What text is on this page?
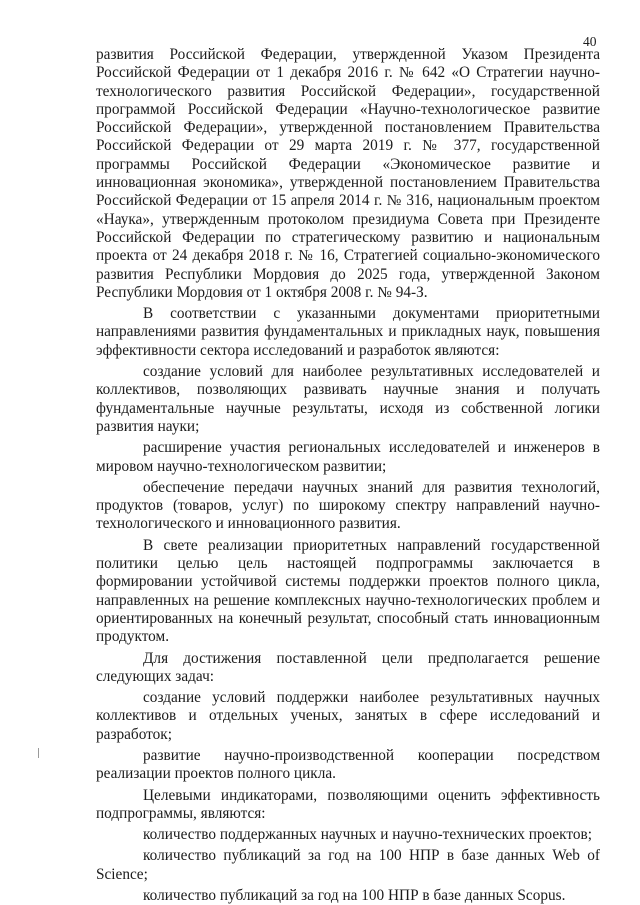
40

развития Российской Федерации, утвержденной Указом Президента Российской Федерации от 1 декабря 2016 г. № 642 «О Стратегии научно-технологического развития Российской Федерации», государственной программой Российской Федерации «Научно-технологическое развитие Российской Федерации», утвержденной постановлением Правительства Российской Федерации от 29 марта 2019 г. № 377, государственной программы Российской Федерации «Экономическое развитие и инновационная экономика», утвержденной постановлением Правительства Российской Федерации от 15 апреля 2014 г. № 316, национальным проектом «Наука», утвержденным протоколом президиума Совета при Президенте Российской Федерации по стратегическому развитию и национальным проекта от 24 декабря 2018 г. № 16, Стратегией социально-экономического развития Республики Мордовия до 2025 года, утвержденной Законом Республики Мордовия от 1 октября 2008 г. № 94-З.

В соответствии с указанными документами приоритетными направлениями развития фундаментальных и прикладных наук, повышения эффективности сектора исследований и разработок являются:

создание условий для наиболее результативных исследователей и коллективов, позволяющих развивать научные знания и получать фундаментальные научные результаты, исходя из собственной логики развития науки;

расширение участия региональных исследователей и инженеров в мировом научно-технологическом развитии;

обеспечение передачи научных знаний для развития технологий, продуктов (товаров, услуг) по широкому спектру направлений научно-технологического и инновационного развития.

В свете реализации приоритетных направлений государственной политики целью цель настоящей подпрограммы заключается в формировании устойчивой системы поддержки проектов полного цикла, направленных на решение комплексных научно-технологических проблем и ориентированных на конечный результат, способный стать инновационным продуктом.

Для достижения поставленной цели предполагается решение следующих задач:

создание условий поддержки наиболее результативных научных коллективов и отдельных ученых, занятых в сфере исследований и разработок;

развитие научно-производственной кооперации посредством реализации проектов полного цикла.

Целевыми индикаторами, позволяющими оценить эффективность подпрограммы, являются:

количество поддержанных научных и научно-технических проектов;

количество публикаций за год на 100 НПР в базе данных Web of Science;

количество публикаций за год на 100 НПР в базе данных Scopus.
